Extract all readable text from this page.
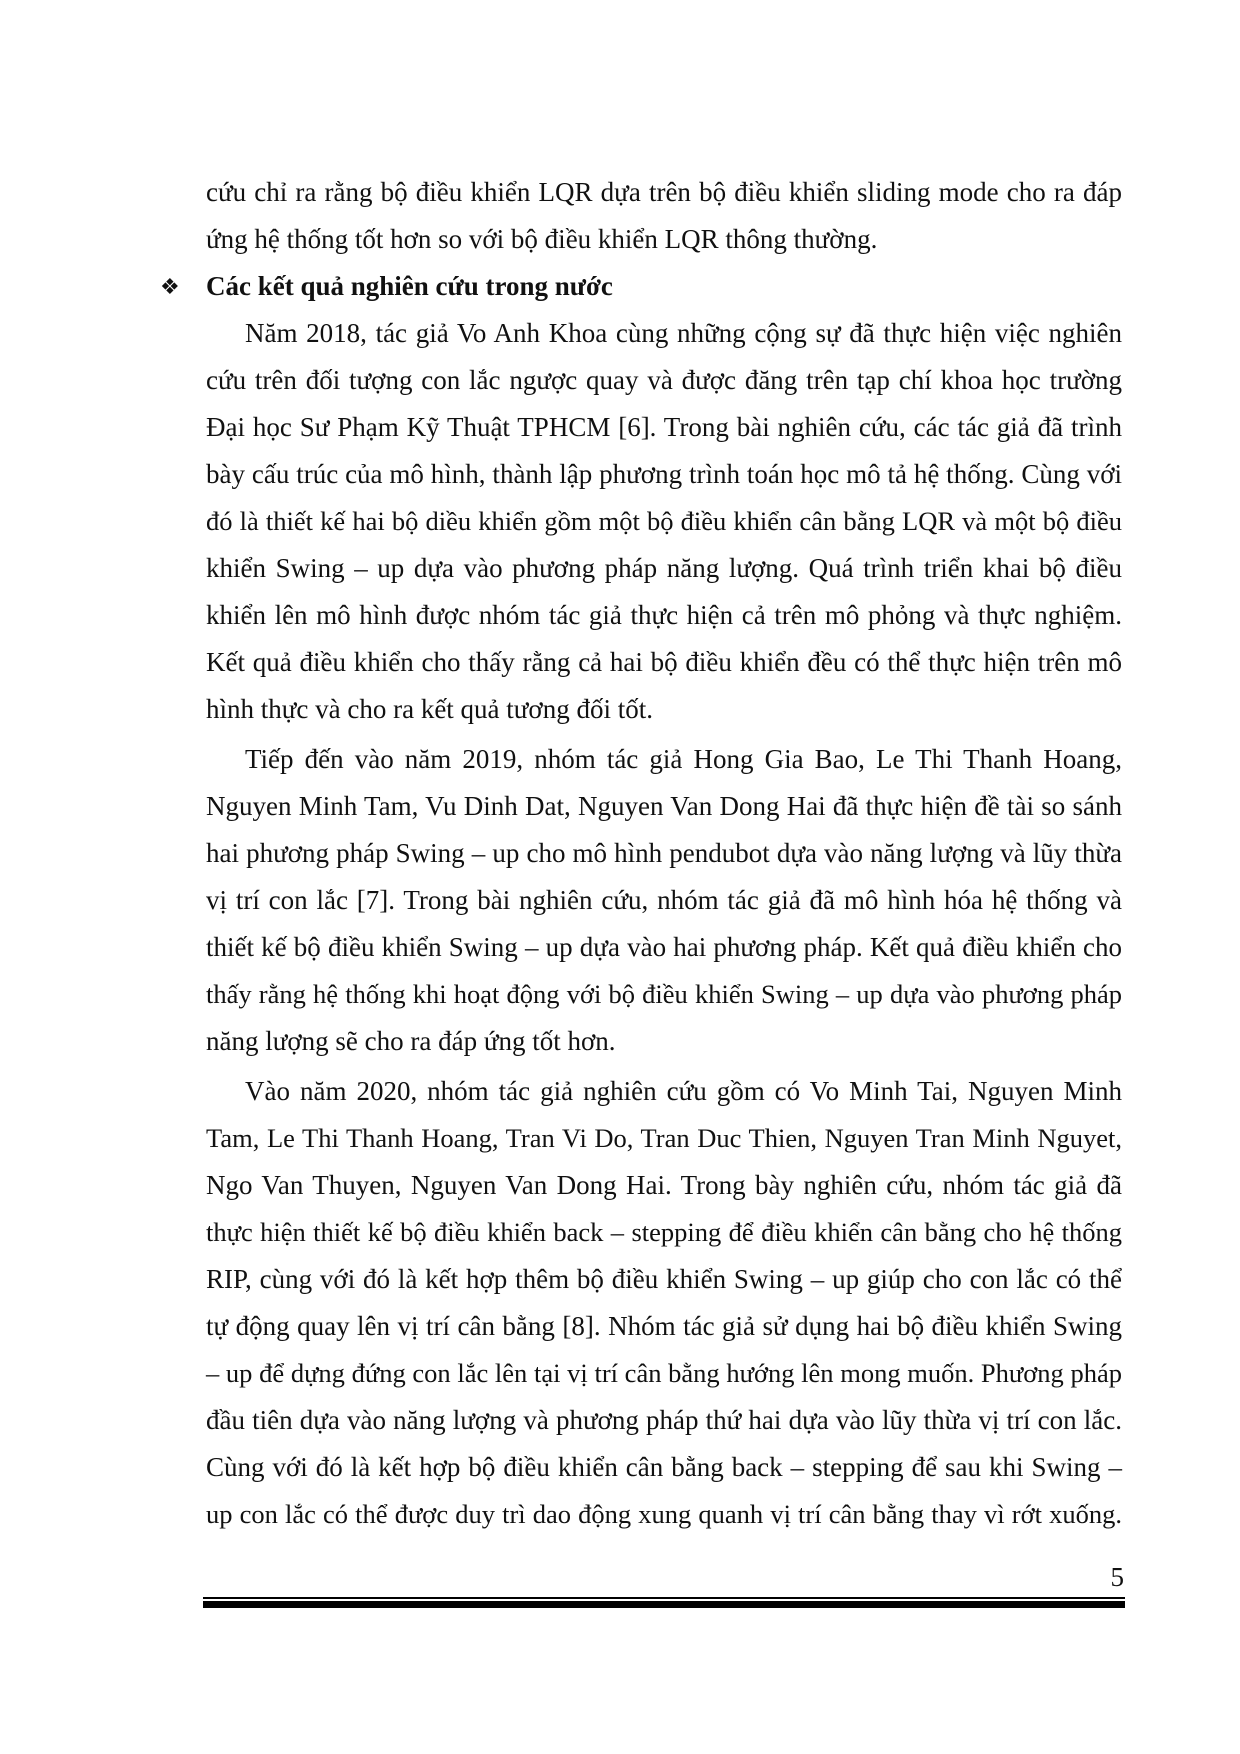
cứu chỉ ra rằng bộ điều khiển LQR dựa trên bộ điều khiển sliding mode cho ra đáp
ứng hệ thống tốt hơn so với bộ điều khiển LQR thông thường.
❖ Các kết quả nghiên cứu trong nước
Năm 2018, tác giả Vo Anh Khoa cùng những cộng sự đã thực hiện việc nghiên
cứu trên đối tượng con lắc ngược quay và được đăng trên tạp chí khoa học trường
Đại học Sư Phạm Kỹ Thuật TPHCM [6]. Trong bài nghiên cứu, các tác giả đã trình
bày cấu trúc của mô hình, thành lập phương trình toán học mô tả hệ thống. Cùng với
đó là thiết kế hai bộ diều khiển gồm một bộ điều khiển cân bằng LQR và một bộ điều
khiển Swing – up dựa vào phương pháp năng lượng. Quá trình triển khai bộ điều
khiển lên mô hình được nhóm tác giả thực hiện cả trên mô phỏng và thực nghiệm.
Kết quả điều khiển cho thấy rằng cả hai bộ điều khiển đều có thể thực hiện trên mô
hình thực và cho ra kết quả tương đối tốt.
Tiếp đến vào năm 2019, nhóm tác giả Hong Gia Bao, Le Thi Thanh Hoang,
Nguyen Minh Tam, Vu Dinh Dat, Nguyen Van Dong Hai đã thực hiện đề tài so sánh
hai phương pháp Swing – up cho mô hình pendubot dựa vào năng lượng và lũy thừa
vị trí con lắc [7]. Trong bài nghiên cứu, nhóm tác giả đã mô hình hóa hệ thống và
thiết kế bộ điều khiển Swing – up dựa vào hai phương pháp. Kết quả điều khiển cho
thấy rằng hệ thống khi hoạt động với bộ điều khiển Swing – up dựa vào phương pháp
năng lượng sẽ cho ra đáp ứng tốt hơn.
Vào năm 2020, nhóm tác giả nghiên cứu gồm có Vo Minh Tai, Nguyen Minh
Tam, Le Thi Thanh Hoang, Tran Vi Do, Tran Duc Thien, Nguyen Tran Minh Nguyet,
Ngo Van Thuyen, Nguyen Van Dong Hai. Trong bày nghiên cứu, nhóm tác giả đã
thực hiện thiết kế bộ điều khiển back – stepping để điều khiển cân bằng cho hệ thống
RIP, cùng với đó là kết hợp thêm bộ điều khiển Swing – up giúp cho con lắc có thể
tự động quay lên vị trí cân bằng [8]. Nhóm tác giả sử dụng hai bộ điều khiển Swing
– up để dựng đứng con lắc lên tại vị trí cân bằng hướng lên mong muốn. Phương pháp
đầu tiên dựa vào năng lượng và phương pháp thứ hai dựa vào lũy thừa vị trí con lắc.
Cùng với đó là kết hợp bộ điều khiển cân bằng back – stepping để sau khi Swing –
up con lắc có thể được duy trì dao động xung quanh vị trí cân bằng thay vì rớt xuống.
5
